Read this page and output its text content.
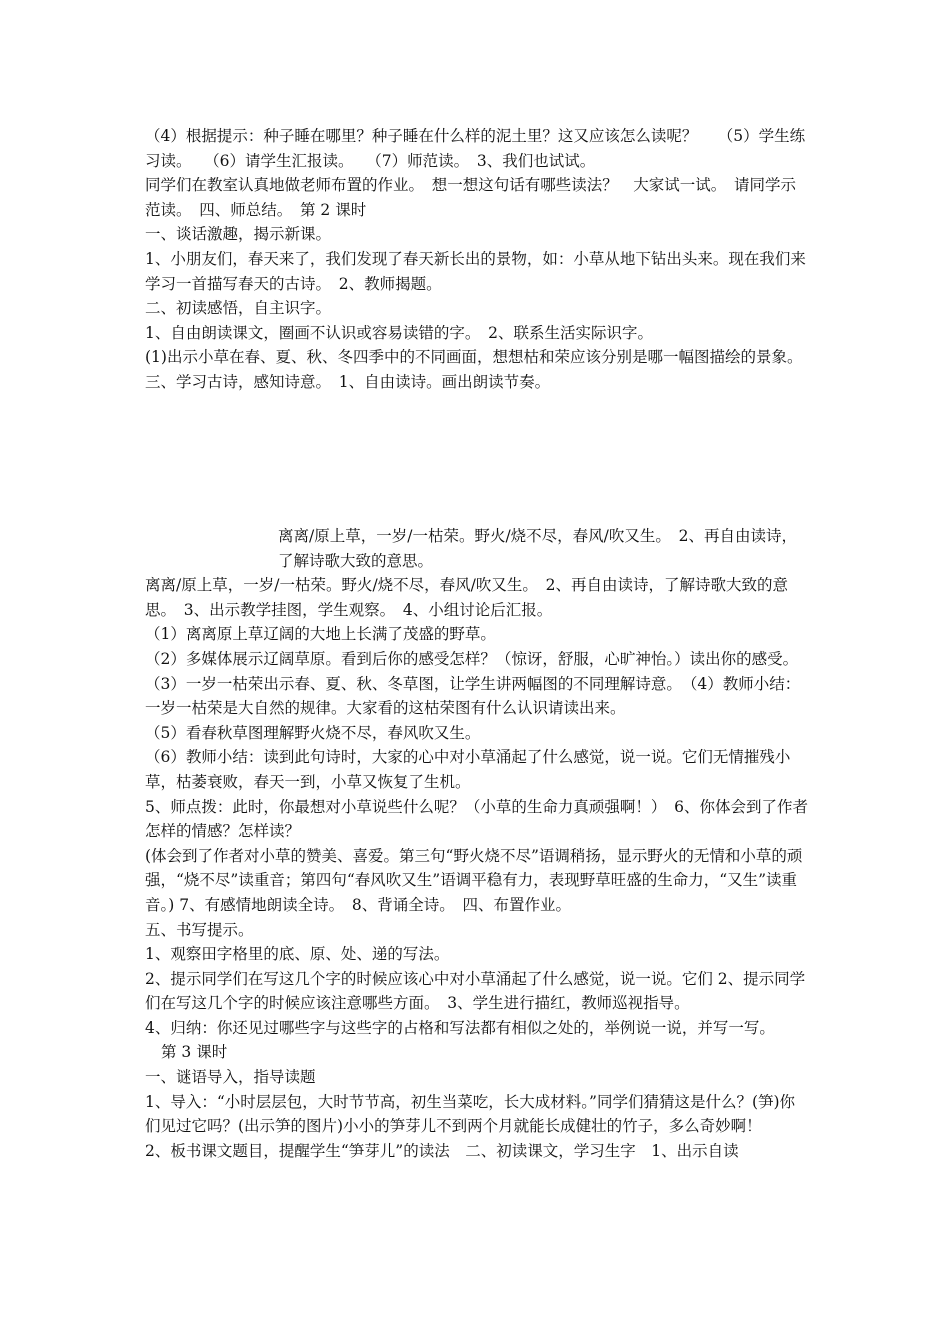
（4）根据提示：种子睡在哪里？种子睡在什么样的泥土里？这又应该怎么读呢？　 （5）学生练习读。　 （6）请学生汇报读。　 （7）师范读。　3、我们也试试。

同学们在教室认真地做老师布置的作业。　想一想这句话有哪些读法？　大家试一试。　请同学示范读。　四、师总结。　第 2 课时

一、谈话激趣，揭示新课。

1、小朋友们，春天来了，我们发现了春天新长出的景物，如：小草从地下钻出头来。现在我们来学习一首描写春天的古诗。　2、教师揭题。

二、初读感悟，自主识字。

1、自由朗读课文，圈画不认识或容易读错的字。　2、联系生活实际识字。

(1)出示小草在春、夏、秋、冬四季中的不同画面，想想枯和荣应该分别是哪一幅图描绘的景象。

三、学习古诗，感知诗意。　1、自由读诗。画出朗读节奏。

离离/原上草，一岁/一枯荣。野火/烧不尽，春风/吹又生。　2、再自由读诗，了解诗歌大致的意思。

离离/原上草，一岁/一枯荣。野火/烧不尽，春风/吹又生。　2、再自由读诗，了解诗歌大致的意思。　3、出示教学挂图，学生观察。　4、小组讨论后汇报。

（1）离离原上草辽阔的大地上长满了茂盛的野草。

（2）多媒体展示辽阔草原。看到后你的感受怎样？（惊讶，舒服，心旷神怡。）读出你的感受。

（3）一岁一枯荣出示春、夏、秋、冬草图，让学生讲两幅图的不同理解诗意。　（4）教师小结：一岁一枯荣是大自然的规律。大家看的这枯荣图有什么认识请读出来。

（5）看春秋草图理解野火烧不尽，春风吹又生。

（6）教师小结：读到此句诗时，大家的心中对小草涌起了什么感觉，说一说。它们无情摧残小草，枯萎衰败，春天一到，小草又恢复了生机。

5、师点拨：此时，你最想对小草说些什么呢？（小草的生命力真顽强啊！）　6、你体会到了作者怎样的情感？怎样读？

(体会到了作者对小草的赞美、喜爱。第三句“野火烧不尽”语调稍扬，显示野火的无情和小草的顽强，“烧不尽”读重音；第四句“春风吹又生”语调平稳有力，表现野草旺盛的生命力，“又生”读重音。) 7、有感情地朗读全诗。　8、背诵全诗。　四、布置作业。

五、书写提示。

1、观察田字格里的底、原、处、递的写法。

2、提示同学们在写这几个字的时候应该心中对小草涌起了什么感觉，说一说。它们 2、提示同学们在写这几个字的时候应该注意哪些方面。　3、学生进行描红，教师巡视指导。

4、归纳：你还见过哪些字与这些字的占格和写法都有相似之处的，举例说一说，并写一写。

第 3 课时

一、谜语导入，指导读题

1、导入：“小时层层包，大时节节高，初生当菜吃，长大成材料。”同学们猜猜这是什么？(笋)你们见过它吗？(出示笋的图片)小小的笋芽儿不到两个月就能长成健壮的竹子，多么奇妙啊！

2、板书课文题目，提醒学生“笋芽儿”的读法　二、初读课文，学习生字　1、出示自读
